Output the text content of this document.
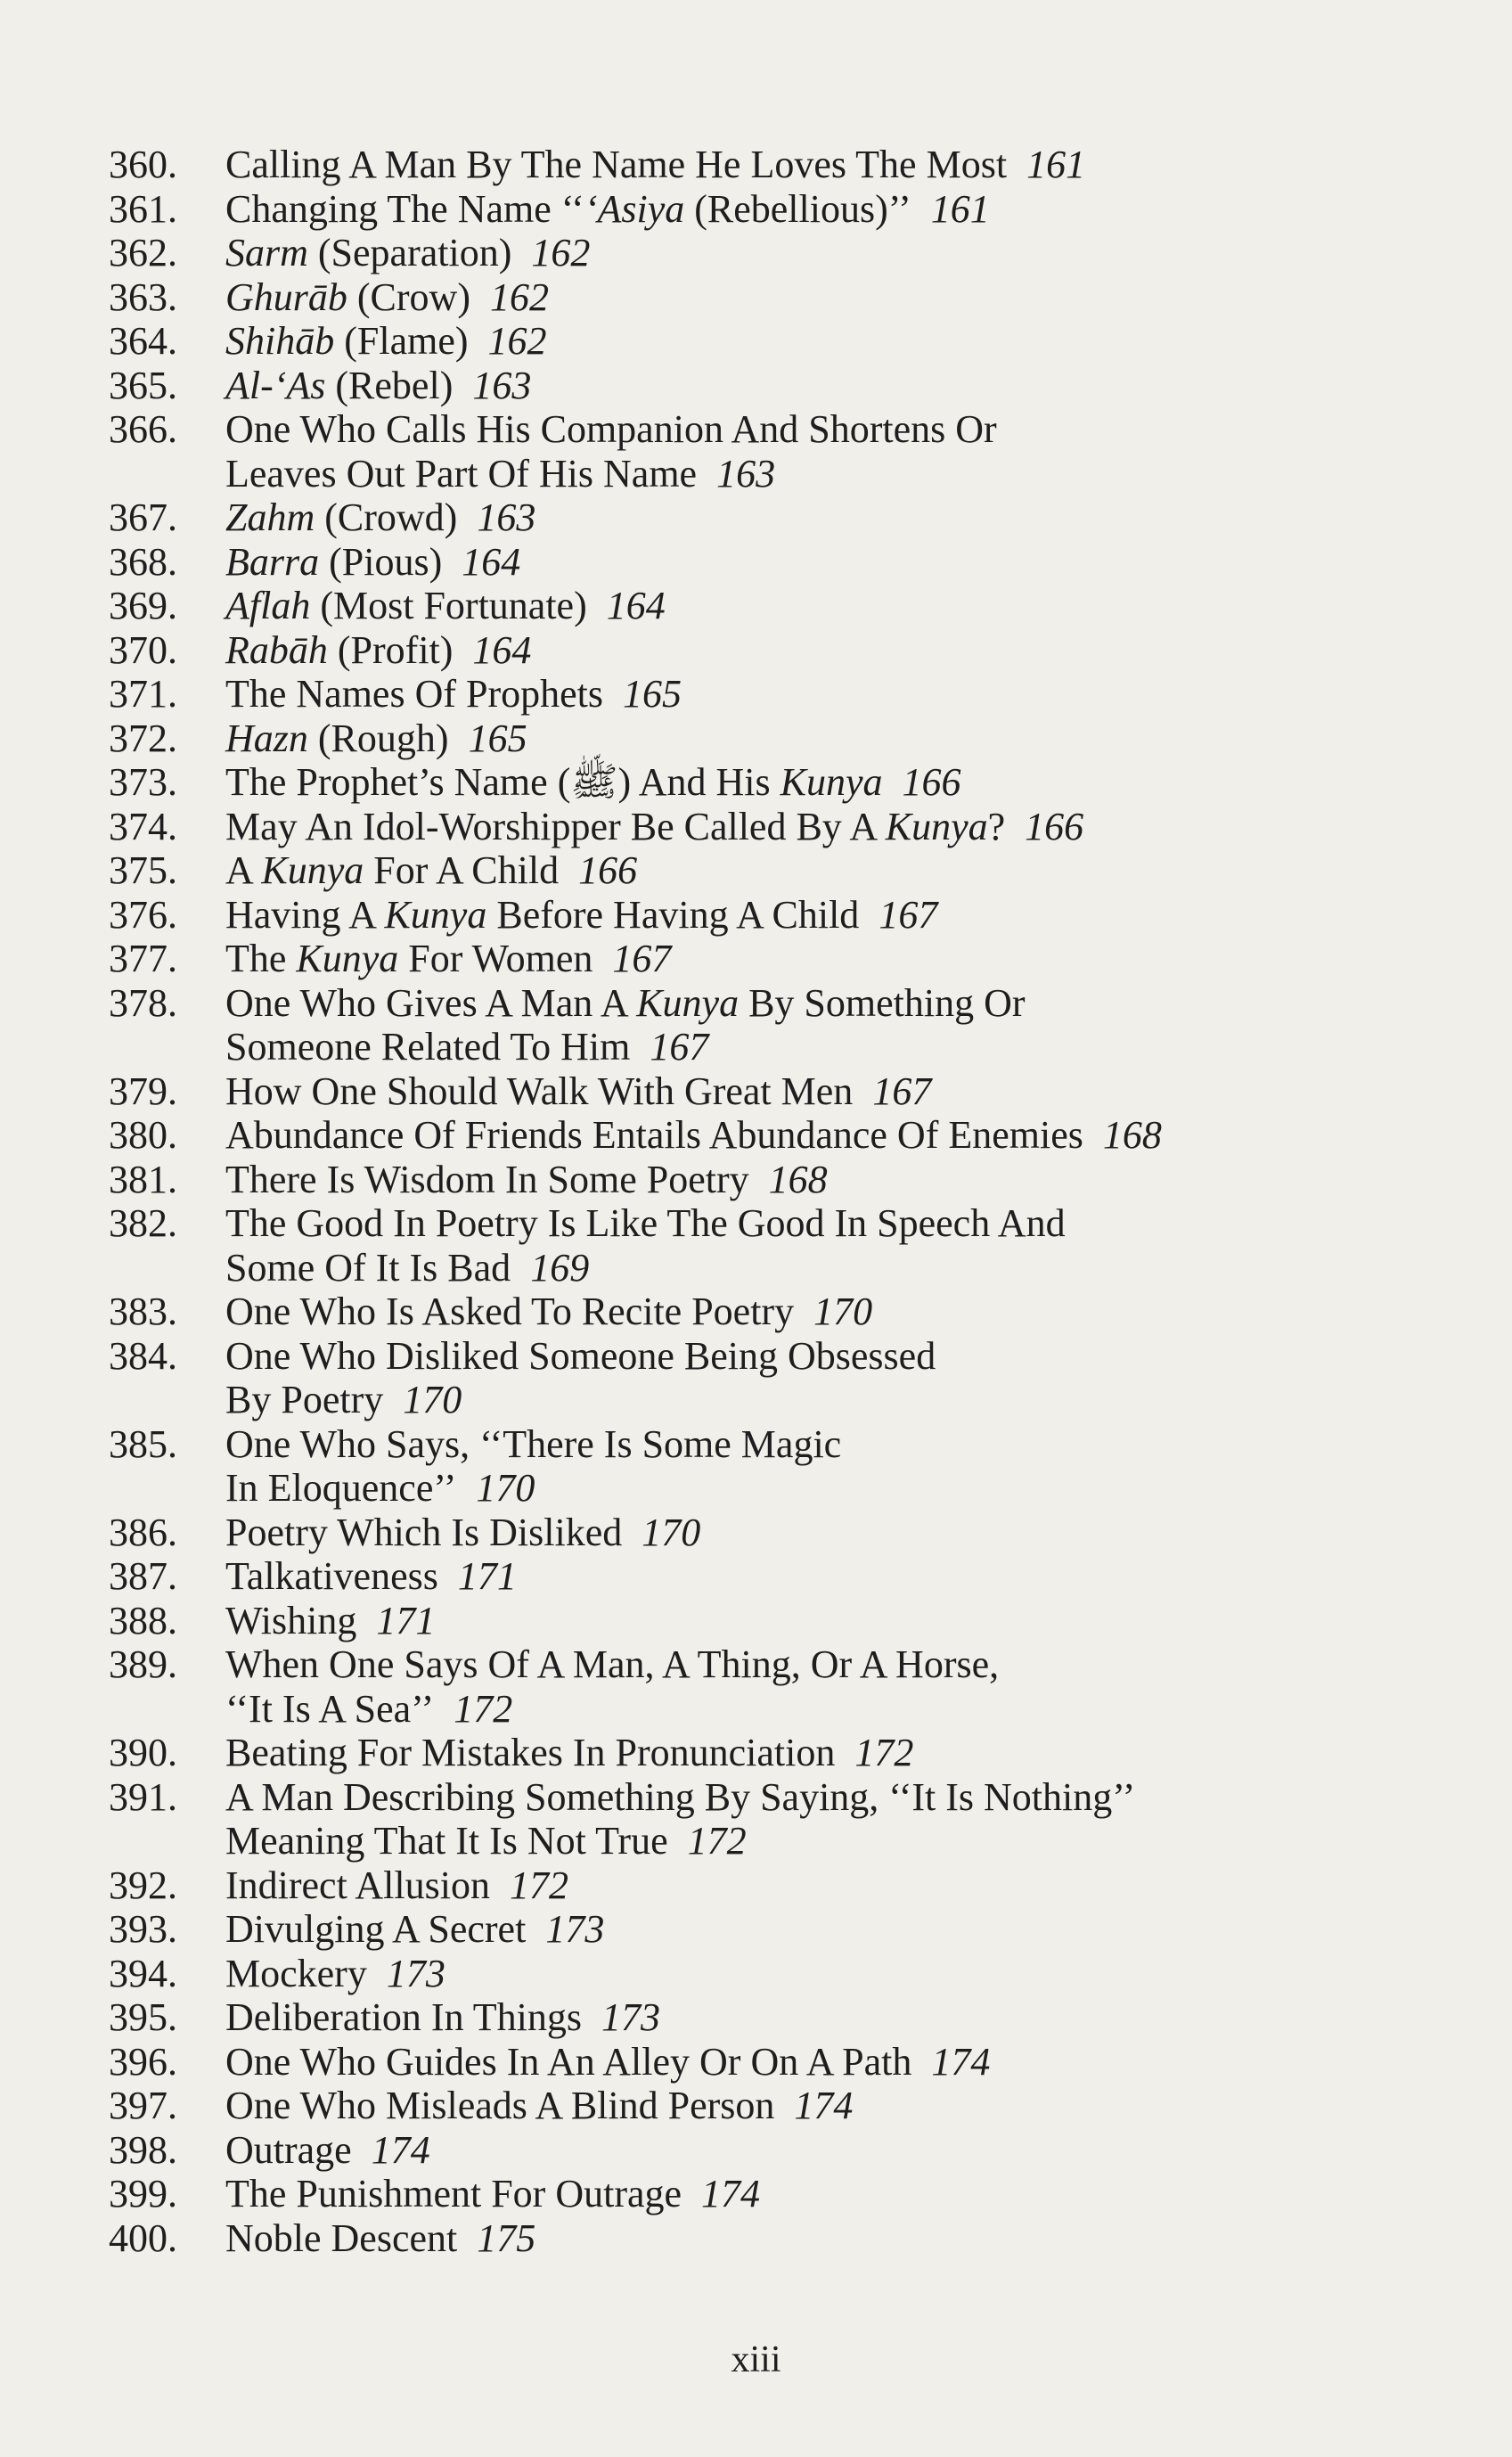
360.	Calling A Man By The Name He Loves The Most 161
361.	Changing The Name ‘‘‘Asiya (Rebellious)’’ 161
362.	Sarm (Separation) 162
363.	Ghurāb (Crow) 162
364.	Shihāb (Flame) 162
365.	Al-‘As (Rebel) 163
366.	One Who Calls His Companion And Shortens Or
Leaves Out Part Of His Name 163
367.	Zahm (Crowd) 163
368.	Barra (Pious) 164
369.	Aflah (Most Fortunate) 164
370.	Rabāh (Profit) 164
371.	The Names Of Prophets 165
372.	Hazn (Rough) 165
373.	The Prophet’s Name (ﷺ) And His Kunya 166
374.	May An Idol-Worshipper Be Called By A Kunya? 166
375.	A Kunya For A Child 166
376.	Having A Kunya Before Having A Child 167
377.	The Kunya For Women 167
378.	One Who Gives A Man A Kunya By Something Or
Someone Related To Him 167
379.	How One Should Walk With Great Men 167
380.	Abundance Of Friends Entails Abundance Of Enemies 168
381.	There Is Wisdom In Some Poetry 168
382.	The Good In Poetry Is Like The Good In Speech And
Some Of It Is Bad 169
383.	One Who Is Asked To Recite Poetry 170
384.	One Who Disliked Someone Being Obsessed
By Poetry 170
385.	One Who Says, ‘‘There Is Some Magic
In Eloquence’’ 170
386.	Poetry Which Is Disliked 170
387.	Talkativeness 171
388.	Wishing 171
389.	When One Says Of A Man, A Thing, Or A Horse,
‘‘It Is A Sea’’ 172
390.	Beating For Mistakes In Pronunciation 172
391.	A Man Describing Something By Saying, ‘‘It Is Nothing’’
Meaning That It Is Not True 172
392.	Indirect Allusion 172
393.	Divulging A Secret 173
394.	Mockery 173
395.	Deliberation In Things 173
396.	One Who Guides In An Alley Or On A Path 174
397.	One Who Misleads A Blind Person 174
398.	Outrage 174
399.	The Punishment For Outrage 174
400.	Noble Descent 175
xiii
